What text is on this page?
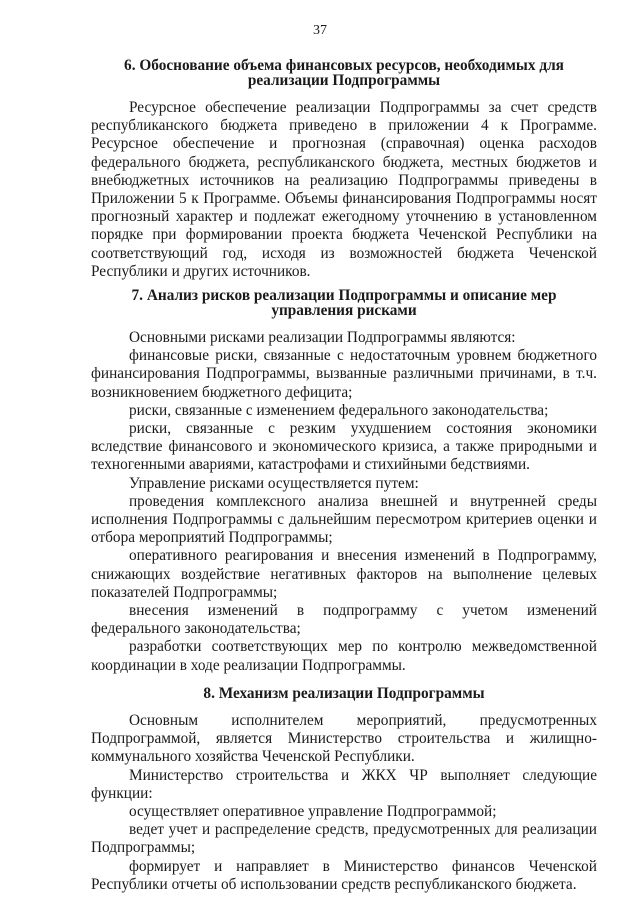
37
6. Обоснование объема финансовых ресурсов, необходимых для
реализации Подпрограммы
Ресурсное обеспечение реализации Подпрограммы за счет средств республиканского бюджета приведено в приложении 4 к Программе. Ресурсное обеспечение и прогнозная (справочная) оценка расходов федерального бюджета, республиканского бюджета, местных бюджетов и внебюджетных источников на реализацию Подпрограммы приведены в Приложении 5 к Программе. Объемы финансирования Подпрограммы носят прогнозный характер и подлежат ежегодному уточнению в установленном порядке при формировании проекта бюджета Чеченской Республики на соответствующий год, исходя из возможностей бюджета Чеченской Республики и других источников.
7. Анализ рисков реализации Подпрограммы и описание мер
управления рисками
Основными рисками реализации Подпрограммы являются:
финансовые риски, связанные с недостаточным уровнем бюджетного финансирования Подпрограммы, вызванные различными причинами, в т.ч. возникновением бюджетного дефицита;
риски, связанные с изменением федерального законодательства;
риски, связанные с резким ухудшением состояния экономики вследствие финансового и экономического кризиса, а также природными и техногенными авариями, катастрофами и стихийными бедствиями.
Управление рисками осуществляется путем:
проведения комплексного анализа внешней и внутренней среды исполнения Подпрограммы с дальнейшим пересмотром критериев оценки и отбора мероприятий Подпрограммы;
оперативного реагирования и внесения изменений в Подпрограмму, снижающих воздействие негативных факторов на выполнение целевых показателей Подпрограммы;
внесения изменений в подпрограмму с учетом изменений федерального законодательства;
разработки соответствующих мер по контролю межведомственной координации в ходе реализации Подпрограммы.
8. Механизм реализации Подпрограммы
Основным исполнителем мероприятий, предусмотренных Подпрограммой, является Министерство строительства и жилищно-коммунального хозяйства Чеченской Республики.
Министерство строительства и ЖКХ ЧР выполняет следующие функции:
осуществляет оперативное управление Подпрограммой;
ведет учет и распределение средств, предусмотренных для реализации Подпрограммы;
формирует и направляет в Министерство финансов Чеченской Республики отчеты об использовании средств республиканского бюджета.
